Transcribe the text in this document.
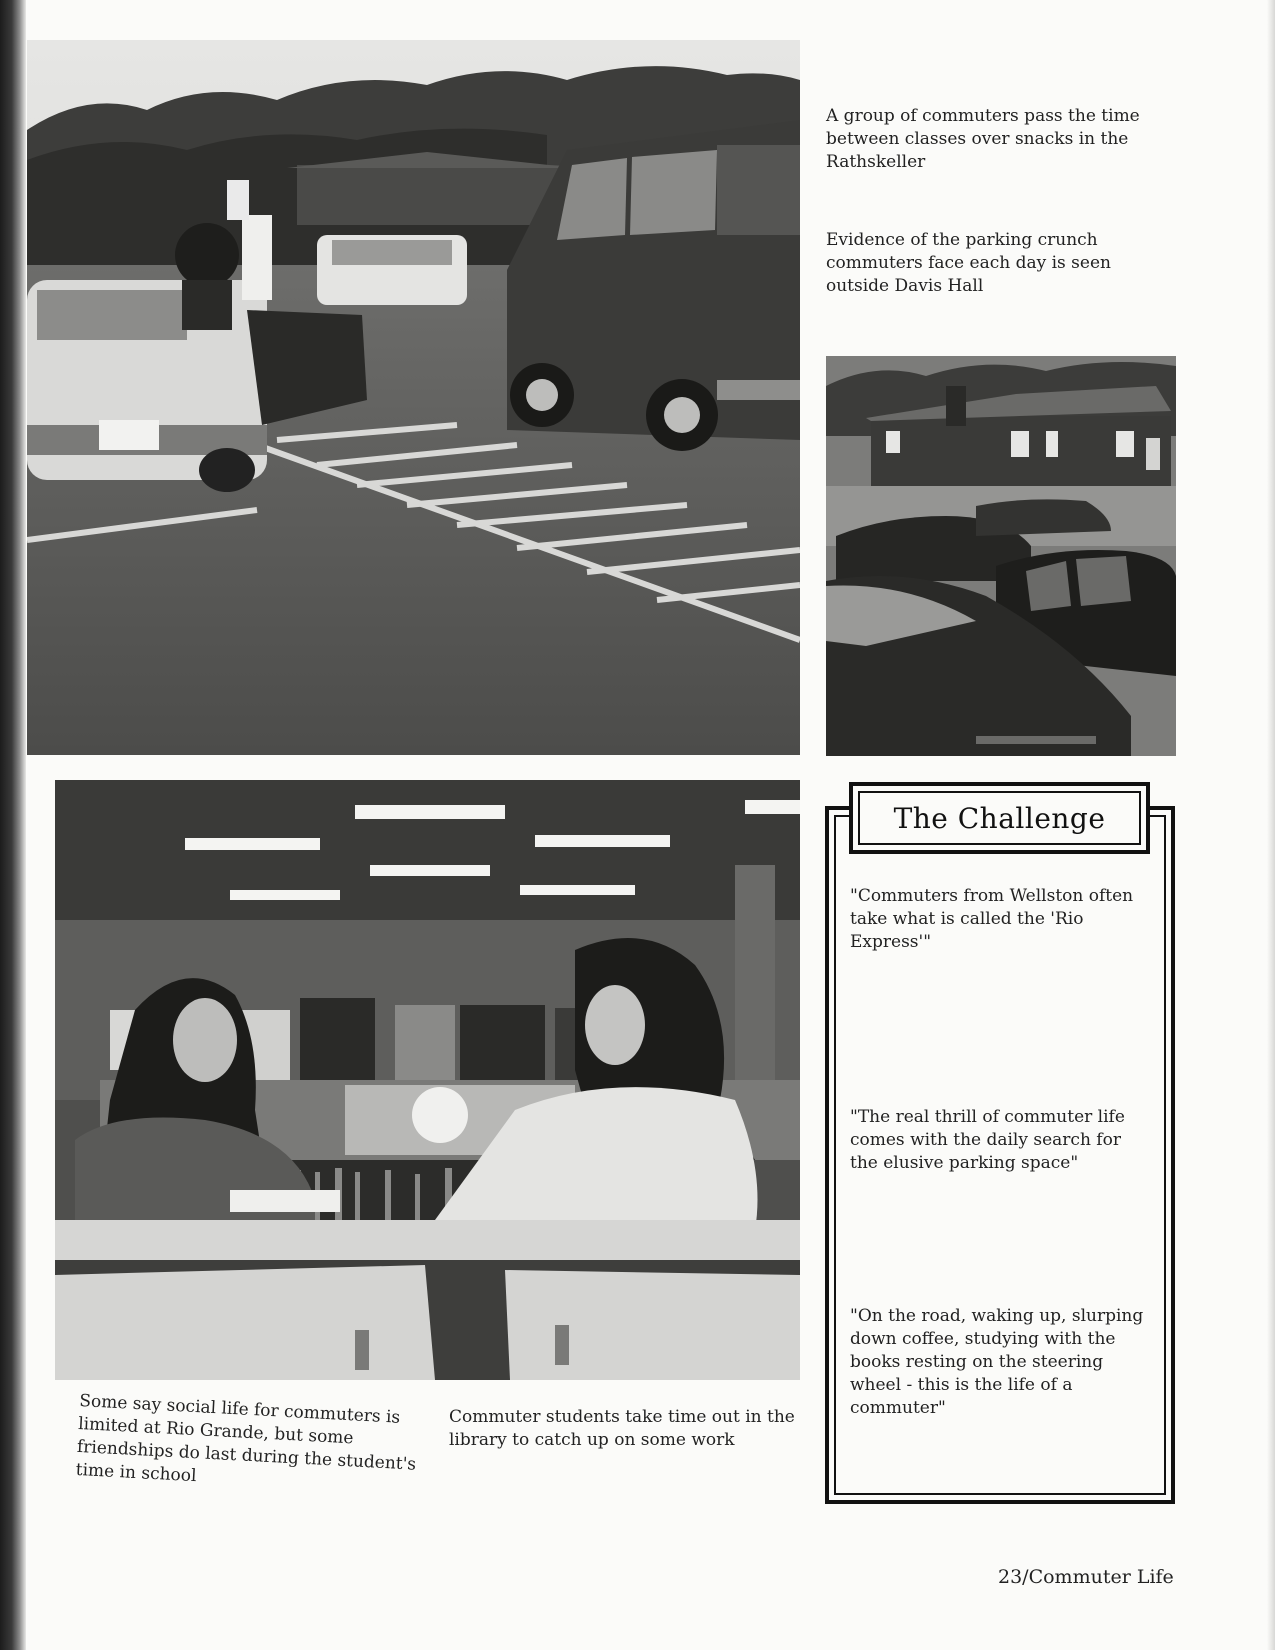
A group of commuters pass the time between classes over snacks in the Rathskeller
Evidence of the parking crunch commuters face each day is seen outside Davis Hall
Some say social life for commuters is limited at Rio Grande, but some friendships do last during the student's time in school
Commuter students take time out in the library to catch up on some work
The Challenge
"Commuters from Wellston often take what is called the 'Rio Express'"
"The real thrill of commuter life comes with the daily search for the elusive parking space"
"On the road, waking up, slurping down coffee, studying with the books resting on the steering wheel - this is the life of a commuter"
23/Commuter Life
